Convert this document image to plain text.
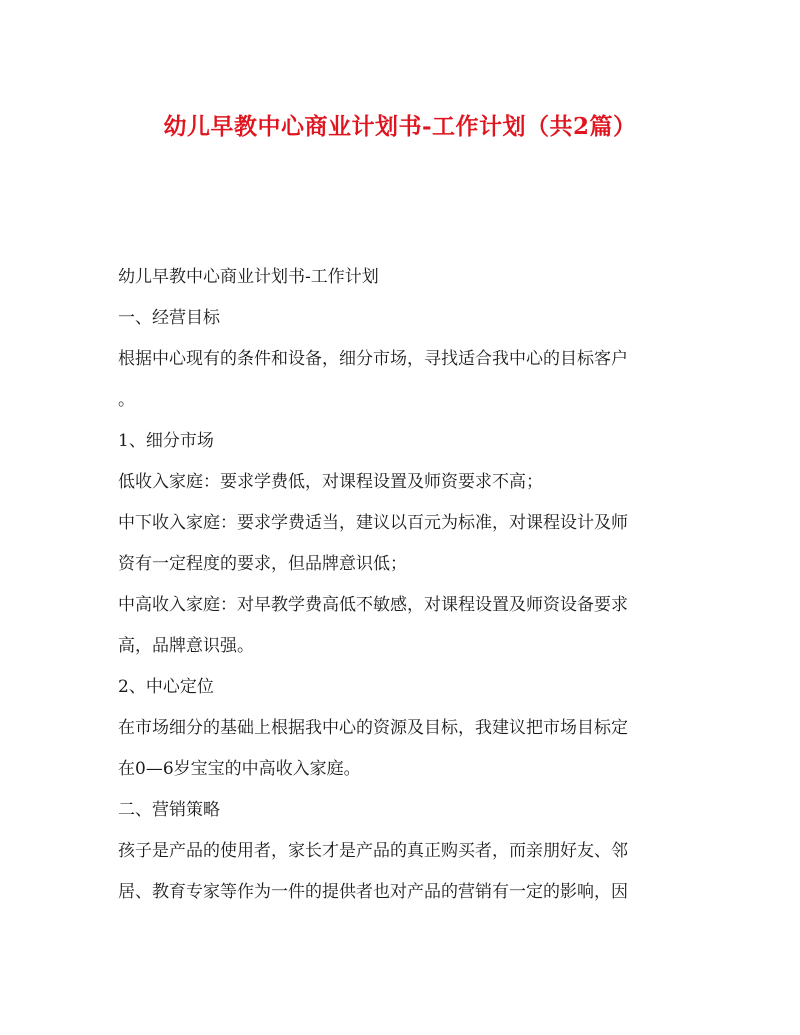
幼儿早教中心商业计划书-工作计划（共2篇）
幼儿早教中心商业计划书-工作计划
一、经营目标
根据中心现有的条件和设备，细分市场，寻找适合我中心的目标客户
。
1、细分市场
低收入家庭：要求学费低，对课程设置及师资要求不高；
中下收入家庭：要求学费适当，建议以百元为标准，对课程设计及师
资有一定程度的要求，但品牌意识低；
中高收入家庭：对早教学费高低不敏感，对课程设置及师资设备要求
高，品牌意识强。
2、中心定位
在市场细分的基础上根据我中心的资源及目标，我建议把市场目标定
在0—6岁宝宝的中高收入家庭。
二、营销策略
孩子是产品的使用者，家长才是产品的真正购买者，而亲朋好友、邻
居、教育专家等作为一件的提供者也对产品的营销有一定的影响，因
